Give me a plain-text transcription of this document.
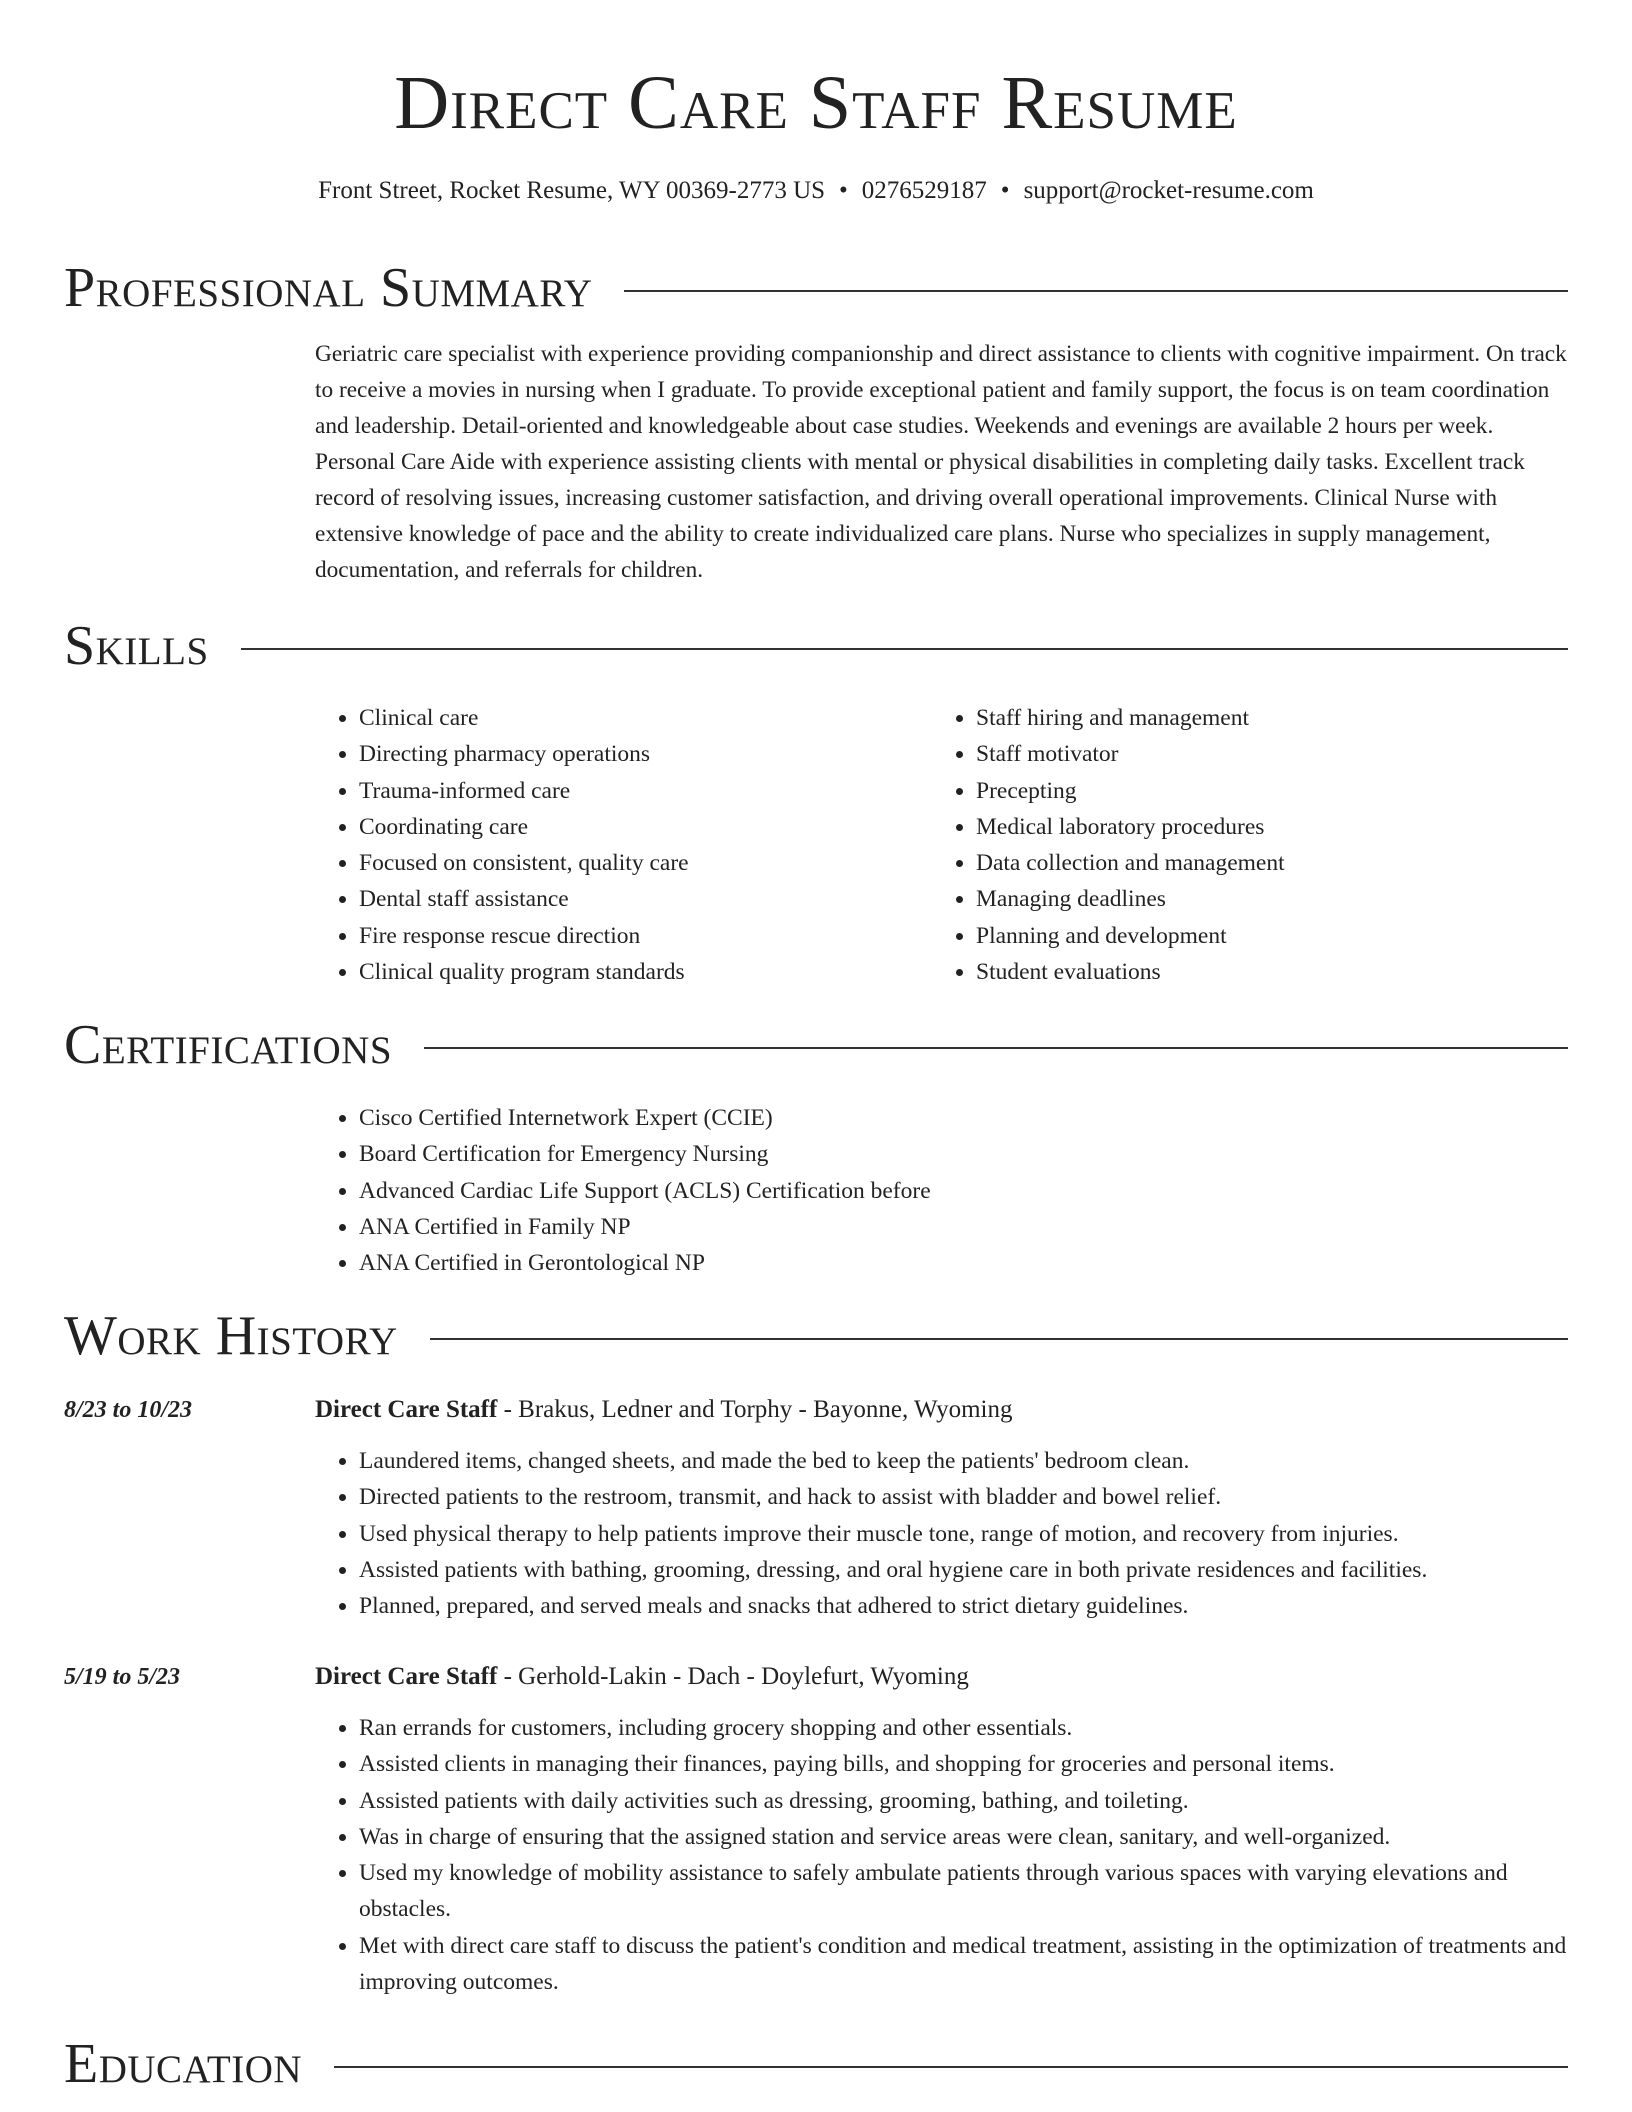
Direct Care Staff Resume
Front Street, Rocket Resume, WY 00369-2773 US • 0276529187 • support@rocket-resume.com
Professional Summary

Geriatric care specialist with experience providing companionship and direct assistance to clients with cognitive impairment. On track to receive a movies in nursing when I graduate. To provide exceptional patient and family support, the focus is on team coordination and leadership. Detail-oriented and knowledgeable about case studies. Weekends and evenings are available 2 hours per week. Personal Care Aide with experience assisting clients with mental or physical disabilities in completing daily tasks. Excellent track record of resolving issues, increasing customer satisfaction, and driving overall operational improvements. Clinical Nurse with extensive knowledge of pace and the ability to create individualized care plans. Nurse who specializes in supply management, documentation, and referrals for children.

Skills
• Clinical care
• Directing pharmacy operations
• Trauma-informed care
• Coordinating care
• Focused on consistent, quality care
• Dental staff assistance
• Fire response rescue direction
• Clinical quality program standards
• Staff hiring and management
• Staff motivator
• Precepting
• Medical laboratory procedures
• Data collection and management
• Managing deadlines
• Planning and development
• Student evaluations
Certifications
• Cisco Certified Internetwork Expert (CCIE)
• Board Certification for Emergency Nursing
• Advanced Cardiac Life Support (ACLS) Certification before
• ANA Certified in Family NP
• ANA Certified in Gerontological NP
Work History
8/23 to 10/23	Direct Care Staff - Brakus, Ledner and Torphy - Bayonne, Wyoming
• Laundered items, changed sheets, and made the bed to keep the patients' bedroom clean.
• Directed patients to the restroom, transmit, and hack to assist with bladder and bowel relief.
• Used physical therapy to help patients improve their muscle tone, range of motion, and recovery from injuries.
• Assisted patients with bathing, grooming, dressing, and oral hygiene care in both private residences and facilities.
• Planned, prepared, and served meals and snacks that adhered to strict dietary guidelines.
5/19 to 5/23	Direct Care Staff - Gerhold-Lakin - Dach - Doylefurt, Wyoming
• Ran errands for customers, including grocery shopping and other essentials.
• Assisted clients in managing their finances, paying bills, and shopping for groceries and personal items.
• Assisted patients with daily activities such as dressing, grooming, bathing, and toileting.
• Was in charge of ensuring that the assigned station and service areas were clean, sanitary, and well-organized.
• Used my knowledge of mobility assistance to safely ambulate patients through various spaces with varying elevations and obstacles.
• Met with direct care staff to discuss the patient's condition and medical treatment, assisting in the optimization of treatments and improving outcomes.
Education
